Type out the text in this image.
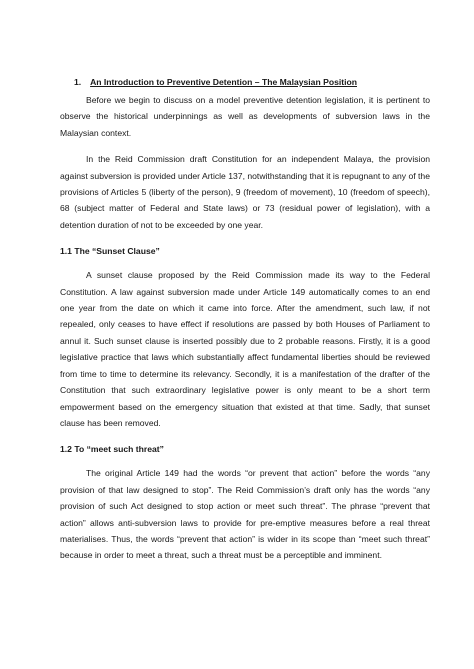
1. An Introduction to Preventive Detention – The Malaysian Position

Before we begin to discuss on a model preventive detention legislation, it is pertinent to observe the historical underpinnings as well as developments of subversion laws in the Malaysian context.

In the Reid Commission draft Constitution for an independent Malaya, the provision against subversion is provided under Article 137, notwithstanding that it is repugnant to any of the provisions of Articles 5 (liberty of the person), 9 (freedom of movement), 10 (freedom of speech), 68 (subject matter of Federal and State laws) or 73 (residual power of legislation), with a detention duration of not to be exceeded by one year.

1.1 The “Sunset Clause”

A sunset clause proposed by the Reid Commission made its way to the Federal Constitution. A law against subversion made under Article 149 automatically comes to an end one year from the date on which it came into force. After the amendment, such law, if not repealed, only ceases to have effect if resolutions are passed by both Houses of Parliament to annul it. Such sunset clause is inserted possibly due to 2 probable reasons. Firstly, it is a good legislative practice that laws which substantially affect fundamental liberties should be reviewed from time to time to determine its relevancy. Secondly, it is a manifestation of the drafter of the Constitution that such extraordinary legislative power is only meant to be a short term empowerment based on the emergency situation that existed at that time. Sadly, that sunset clause has been removed.

1.2 To “meet such threat”

The original Article 149 had the words “or prevent that action” before the words “any provision of that law designed to stop”. The Reid Commission’s draft only has the words “any provision of such Act designed to stop action or meet such threat”. The phrase “prevent that action” allows anti-subversion laws to provide for pre-emptive measures before a real threat materialises. Thus, the words “prevent that action” is wider in its scope than “meet such threat” because in order to meet a threat, such a threat must be a perceptible and imminent.
